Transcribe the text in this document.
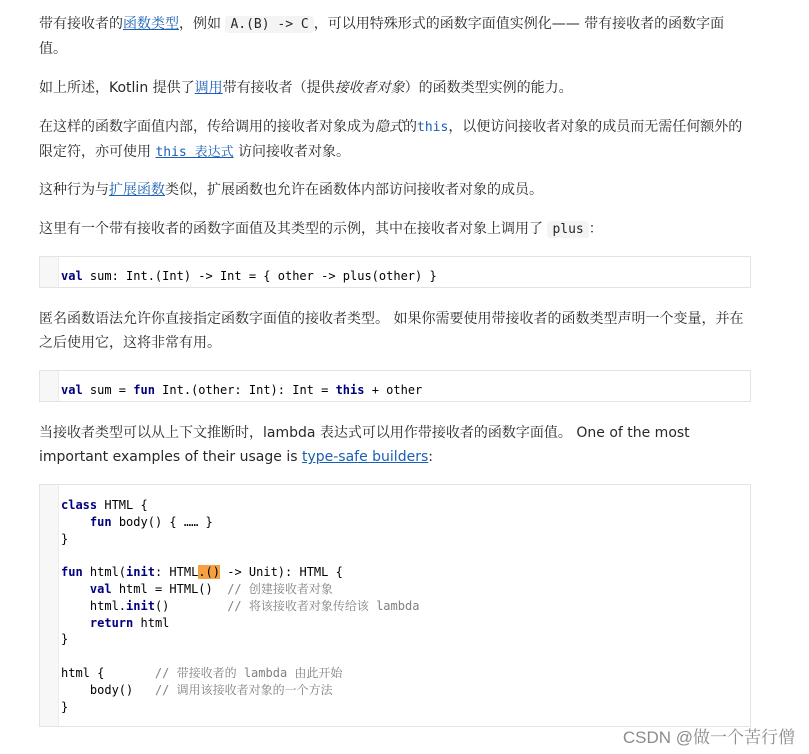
带有接收者的函数类型，例如 A.(B) -> C ，可以用特殊形式的函数字面值实例化—— 带有接收者的函数字面值。

如上所述，Kotlin 提供了调用带有接收者（提供接收者对象）的函数类型实例的能力。

在这样的函数字面值内部，传给调用的接收者对象成为隐式的this，以便访问接收者对象的成员而无需任何额外的限定符，亦可使用 this 表达式 访问接收者对象。

这种行为与扩展函数类似，扩展函数也允许在函数体内部访问接收者对象的成员。

这里有一个带有接收者的函数字面值及其类型的示例，其中在接收者对象上调用了 plus ：

val sum: Int.(Int) -> Int = { other -> plus(other) }

匿名函数语法允许你直接指定函数字面值的接收者类型。 如果你需要使用带接收者的函数类型声明一个变量，并在之后使用它，这将非常有用。

val sum = fun Int.(other: Int): Int = this + other

当接收者类型可以从上下文推断时，lambda 表达式可以用作带接收者的函数字面值。 One of the most important examples of their usage is type-safe builders:

class HTML {
fun body() { …… }
}

fun html(init: HTML.() -> Unit): HTML {
val html = HTML()  // 创建接收者对象
html.init()        // 将该接收者对象传给该 lambda
return html
}

html {       // 带接收者的 lambda 由此开始
body()   // 调用该接收者对象的一个方法
}
CSDN @做一个苦行僧
